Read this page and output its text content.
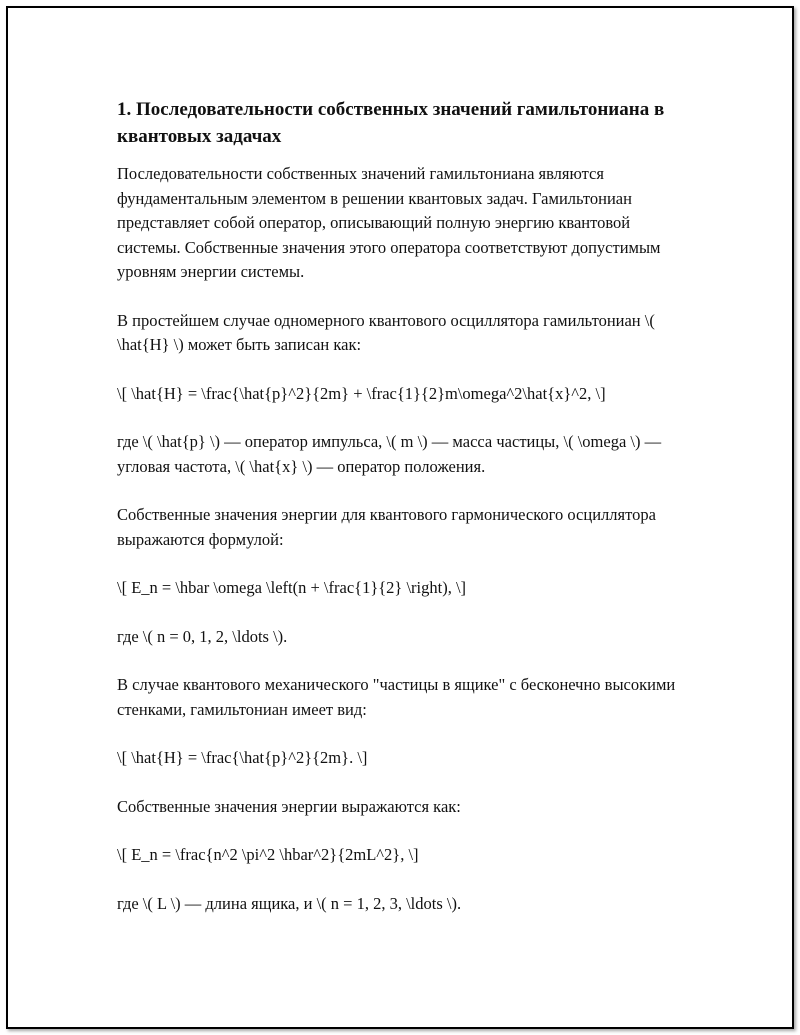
1. Последовательности собственных значений гамильтониана в квантовых задачах

Последовательности собственных значений гамильтониана являются фундаментальным элементом в решении квантовых задач. Гамильтониан представляет собой оператор, описывающий полную энергию квантовой системы. Собственные значения этого оператора соответствуют допустимым уровням энергии системы.

В простейшем случае одномерного квантового осциллятора гамильтониан \( \hat{H} \) может быть записан как:

\[ \hat{H} = \frac{\hat{p}^2}{2m} + \frac{1}{2}m\omega^2\hat{x}^2, \]

где \( \hat{p} \) — оператор импульса, \( m \) — масса частицы, \( \omega \) — угловая частота, \( \hat{x} \) — оператор положения.

Собственные значения энергии для квантового гармонического осциллятора выражаются формулой:

\[ E_n = \hbar \omega \left(n + \frac{1}{2} \right), \]

где \( n = 0, 1, 2, \ldots \).

В случае квантового механического "частицы в ящике" с бесконечно высокими стенками, гамильтониан имеет вид:

\[ \hat{H} = \frac{\hat{p}^2}{2m}. \]

Собственные значения энергии выражаются как:

\[ E_n = \frac{n^2 \pi^2 \hbar^2}{2mL^2}, \]

где \( L \) — длина ящика, и \( n = 1, 2, 3, \ldots \).
